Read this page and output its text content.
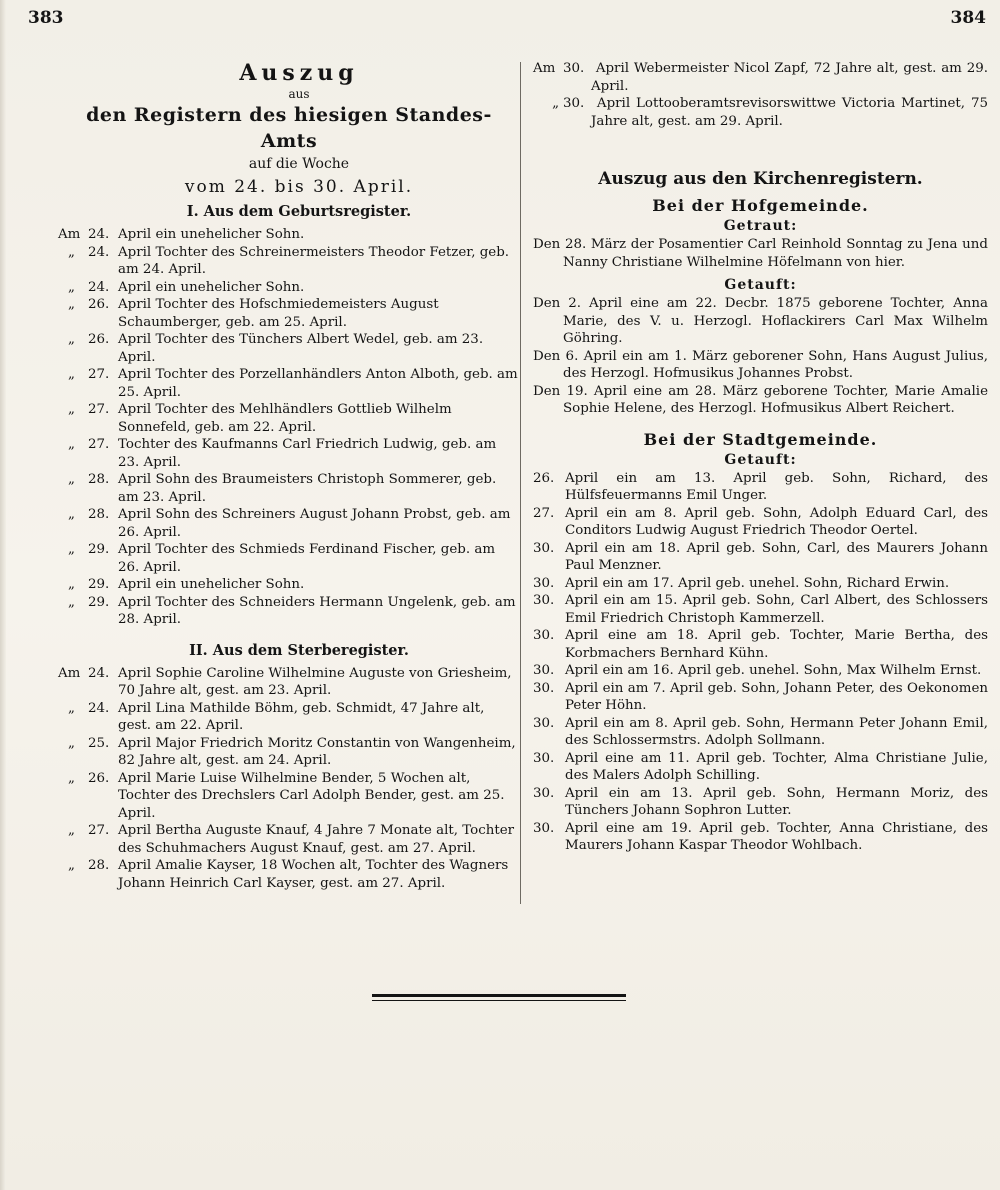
383	384
Auszug
aus
den Registern des hiesigen Standes-Amts
auf die Woche
vom 24. bis 30. April.
I. Aus dem Geburtsregister.
Am 24. April ein unehelicher Sohn.
„ 24. April Tochter des Schreinermeisters Theodor Fetzer, geb. am 24. April.
„ 24. April ein unehelicher Sohn.
„ 26. April Tochter des Hofschmiedemeisters August Schaumberger, geb. am 25. April.
„ 26. April Tochter des Tünchers Albert Wedel, geb. am 23. April.
„ 27. April Tochter des Porzellanhändlers Anton Alboth, geb. am 25. April.
„ 27. April Tochter des Mehlhändlers Gottlieb Wilhelm Sonnefeld, geb. am 22. April.
„ 27. Tochter des Kaufmanns Carl Friedrich Ludwig, geb. am 23. April.
„ 28. April Sohn des Braumeisters Christoph Sommerer, geb. am 23. April.
„ 28. April Sohn des Schreiners August Johann Probst, geb. am 26. April.
„ 29. April Tochter des Schmieds Ferdinand Fischer, geb. am 26. April.
„ 29. April ein unehelicher Sohn.
„ 29. April Tochter des Schneiders Hermann Ungelenk, geb. am 28. April.
II. Aus dem Sterberegister.
Am 24. April Sophie Caroline Wilhelmine Auguste von Griesheim, 70 Jahre alt, gest. am 23. April.
„ 24. April Lina Mathilde Böhm, geb. Schmidt, 47 Jahre alt, gest. am 22. April.
„ 25. April Major Friedrich Moritz Constantin von Wangenheim, 82 Jahre alt, gest. am 24. April.
„ 26. April Marie Luise Wilhelmine Bender, 5 Wochen alt, Tochter des Drechslers Carl Adolph Bender, gest. am 25. April.
„ 27. April Bertha Auguste Knauf, 4 Jahre 7 Monate alt, Tochter des Schuhmachers August Knauf, gest. am 27. April.
„ 28. April Amalie Kayser, 18 Wochen alt, Tochter des Wagners Johann Heinrich Carl Kayser, gest. am 27. April.
Am 30. April Webermeister Nicol Zapf, 72 Jahre alt, gest. am 29. April.
„ 30. April Lottooberamtsrevisorswittwe Victoria Martinet, 75 Jahre alt, gest. am 29. April.
Auszug aus den Kirchenregistern.
Bei der Hofgemeinde.
Getraut:
Den 28. März der Posamentier Carl Reinhold Sonntag zu Jena und Nanny Christiane Wilhelmine Höfelmann von hier.
Getauft:
Den 2. April eine am 22. Decbr. 1875 geborene Tochter, Anna Marie, des V. u. Herzogl. Hoflackirers Carl Max Wilhelm Göhring.
Den 6. April ein am 1. März geborener Sohn, Hans August Julius, des Herzogl. Hofmusikus Johannes Probst.
Den 19. April eine am 28. März geborene Tochter, Marie Amalie Sophie Helene, des Herzogl. Hofmusikus Albert Reichert.
Bei der Stadtgemeinde.
Getauft:
26. April ein am 13. April geb. Sohn, Richard, des Hülfsfeuermanns Emil Unger.
27. April ein am 8. April geb. Sohn, Adolph Eduard Carl, des Conditors Ludwig August Friedrich Theodor Oertel.
30. April ein am 18. April geb. Sohn, Carl, des Maurers Johann Paul Menzner.
30. April ein am 17. April geb. unehel. Sohn, Richard Erwin.
30. April ein am 15. April geb. Sohn, Carl Albert, des Schlossers Emil Friedrich Christoph Kammerzell.
30. April eine am 18. April geb. Tochter, Marie Bertha, des Korbmachers Bernhard Kühn.
30. April ein am 16. April geb. unehel. Sohn, Max Wilhelm Ernst.
30. April ein am 7. April geb. Sohn, Johann Peter, des Oekonomen Peter Höhn.
30. April ein am 8. April geb. Sohn, Hermann Peter Johann Emil, des Schlossermstrs. Adolph Sollmann.
30. April eine am 11. April geb. Tochter, Alma Christiane Julie, des Malers Adolph Schilling.
30. April ein am 13. April geb. Sohn, Hermann Moriz, des Tünchers Johann Sophron Lutter.
30. April eine am 19. April geb. Tochter, Anna Christiane, des Maurers Johann Kaspar Theodor Wohlbach.
